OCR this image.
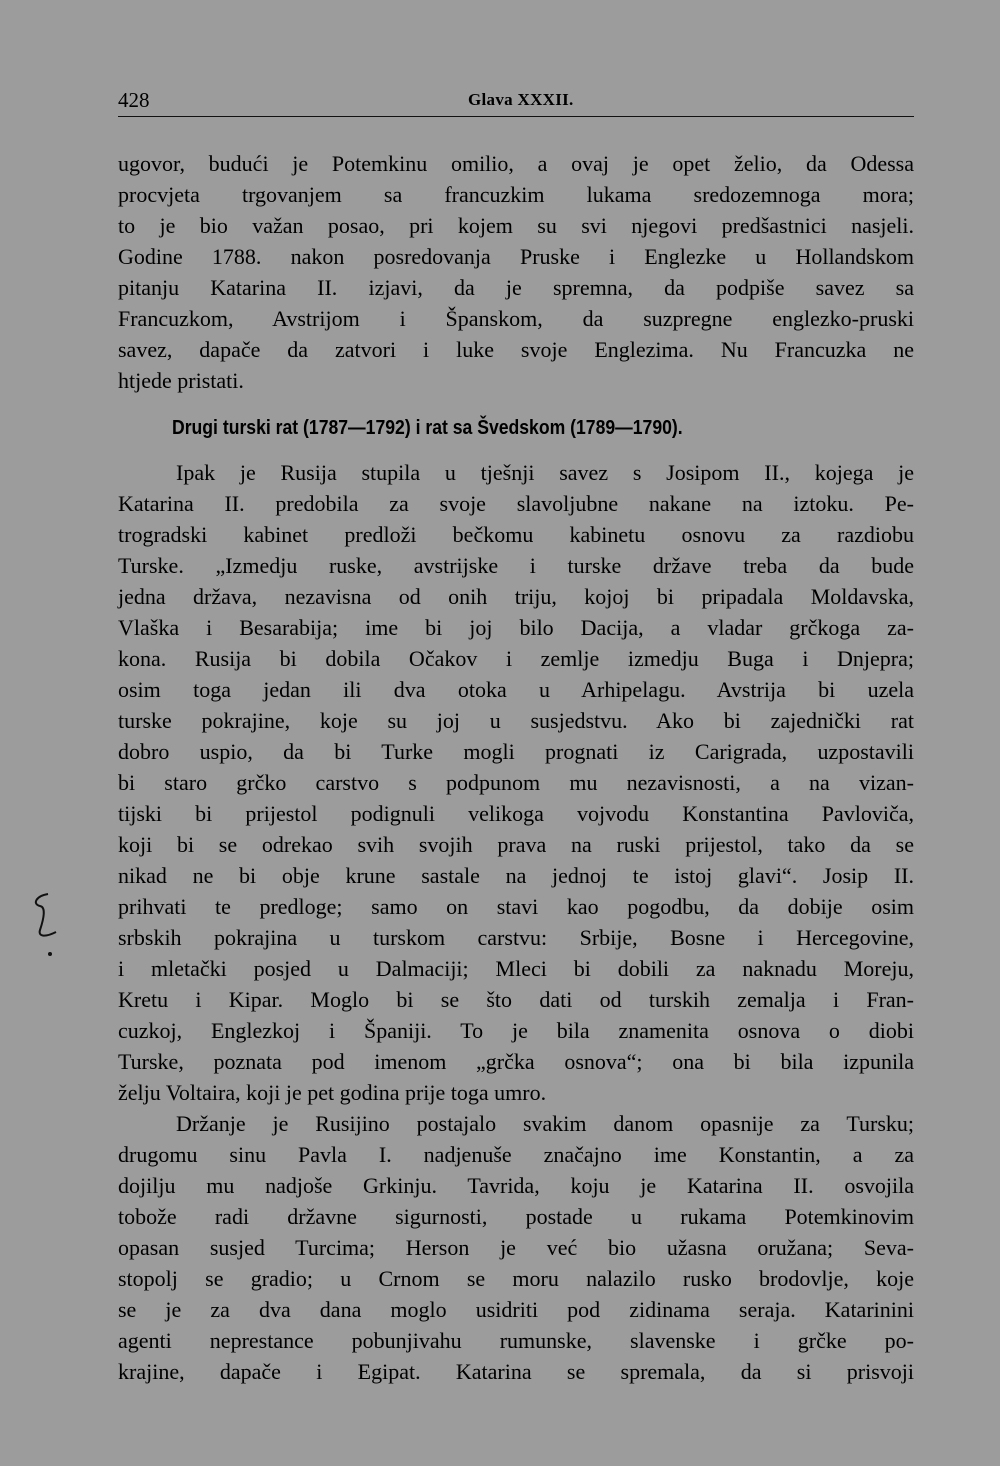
428	Glava XXXII.
ugovor, budući je Potemkinu omilio, a ovaj je opet želio, da Odessa
procvjeta trgovanjem sa francuzkim lukama sredozemnoga mora;
to je bio važan posao, pri kojem su svi njegovi predšastnici nasjeli.
Godine 1788. nakon posredovanja Pruske i Englezke u Hollandskom
pitanju Katarina II. izjavi, da je spremna, da podpiše savez sa
Francuzkom, Avstrijom i Španskom, da suzpregne englezko-pruski
savez, dapače da zatvori i luke svoje Englezima. Nu Francuzka ne
htjede pristati.
Drugi turski rat (1787—1792) i rat sa Švedskom (1789—1790).
Ipak je Rusija stupila u tješnji savez s Josipom II., kojega je
Katarina II. predobila za svoje slavoljubne nakane na iztoku. Pe-
trogradski kabinet predloži bečkomu kabinetu osnovu za razdiobu
Turske. „Izmedju ruske, avstrijske i turske države treba da bude
jedna država, nezavisna od onih triju, kojoj bi pripadala Moldavska,
Vlaška i Besarabija; ime bi joj bilo Dacija, a vladar grčkoga za-
kona. Rusija bi dobila Očakov i zemlje izmedju Buga i Dnjepra;
osim toga jedan ili dva otoka u Arhipelagu. Avstrija bi uzela
turske pokrajine, koje su joj u susjedstvu. Ako bi zajednički rat
dobro uspio, da bi Turke mogli prognati iz Carigrada, uzpostavili
bi staro grčko carstvo s podpunom mu nezavisnosti, a na vizan-
tijski bi prijestol podignuli velikoga vojvodu Konstantina Pavloviča,
koji bi se odrekao svih svojih prava na ruski prijestol, tako da se
nikad ne bi obje krune sastale na jednoj te istoj glavi“. Josip II.
prihvati te predloge; samo on stavi kao pogodbu, da dobije osim
srbskih pokrajina u turskom carstvu: Srbije, Bosne i Hercegovine,
i mletački posjed u Dalmaciji; Mleci bi dobili za naknadu Moreju,
Kretu i Kipar. Moglo bi se što dati od turskih zemalja i Fran-
cuzkoj, Englezkoj i Španiji. To je bila znamenita osnova o diobi
Turske, poznata pod imenom „grčka osnova“; ona bi bila izpunila
želju Voltaira, koji je pet godina prije toga umro.
Držanje je Rusijino postajalo svakim danom opasnije za Tursku;
drugomu sinu Pavla I. nadjenuše značajno ime Konstantin, a za
dojilju mu nadjoše Grkinju. Tavrida, koju je Katarina II. osvojila
tobože radi državne sigurnosti, postade u rukama Potemkinovim
opasan susjed Turcima; Herson je već bio užasna oružana; Seva-
stopolj se gradio; u Crnom se moru nalazilo rusko brodovlje, koje
se je za dva dana moglo usidriti pod zidinama seraja. Katarinini
agenti neprestance pobunjivahu rumunske, slavenske i grčke po-
krajine, dapače i Egipat. Katarina se spremala, da si prisvoji
